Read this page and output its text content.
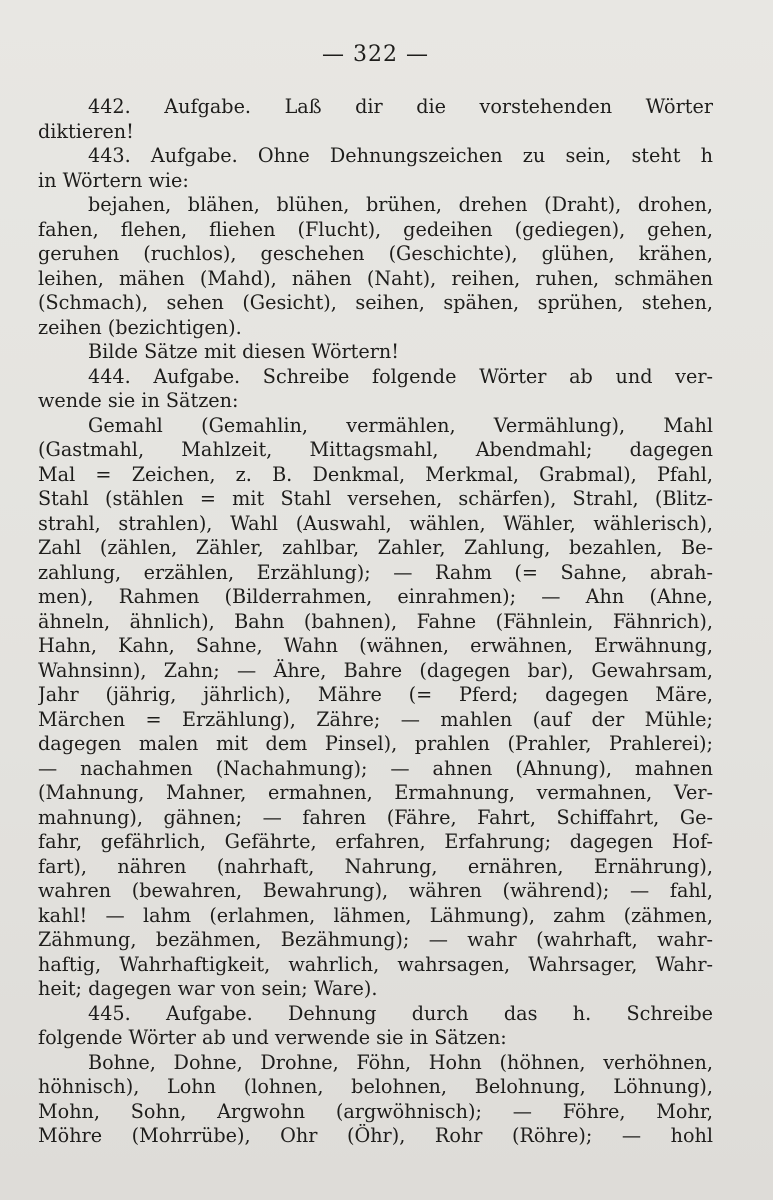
— 322 —
442. Aufgabe. Laß dir die vorstehenden Wörter
diktieren!
443. Aufgabe. Ohne Dehnungszeichen zu sein, steht h
in Wörtern wie:
bejahen, blähen, blühen, brühen, drehen (Draht), drohen,
fahen, flehen, fliehen (Flucht), gedeihen (gediegen), gehen,
geruhen (ruchlos), geschehen (Geschichte), glühen, krähen,
leihen, mähen (Mahd), nähen (Naht), reihen, ruhen, schmähen
(Schmach), sehen (Gesicht), seihen, spähen, sprühen, stehen,
zeihen (bezichtigen).
Bilde Sätze mit diesen Wörtern!
444. Aufgabe. Schreibe folgende Wörter ab und ver-
wende sie in Sätzen:
Gemahl (Gemahlin, vermählen, Vermählung), Mahl
(Gastmahl, Mahlzeit, Mittagsmahl, Abendmahl; dagegen
Mal = Zeichen, z. B. Denkmal, Merkmal, Grabmal), Pfahl,
Stahl (stählen = mit Stahl versehen, schärfen), Strahl, (Blitz-
strahl, strahlen), Wahl (Auswahl, wählen, Wähler, wählerisch),
Zahl (zählen, Zähler, zahlbar, Zahler, Zahlung, bezahlen, Be-
zahlung, erzählen, Erzählung); — Rahm (= Sahne, abrah-
men), Rahmen (Bilderrahmen, einrahmen); — Ahn (Ahne,
ähneln, ähnlich), Bahn (bahnen), Fahne (Fähnlein, Fähnrich),
Hahn, Kahn, Sahne, Wahn (wähnen, erwähnen, Erwähnung,
Wahnsinn), Zahn; — Ähre, Bahre (dagegen bar), Gewahrsam,
Jahr (jährig, jährlich), Mähre (= Pferd; dagegen Märe,
Märchen = Erzählung), Zähre; — mahlen (auf der Mühle;
dagegen malen mit dem Pinsel), prahlen (Prahler, Prahlerei);
— nachahmen (Nachahmung); — ahnen (Ahnung), mahnen
(Mahnung, Mahner, ermahnen, Ermahnung, vermahnen, Ver-
mahnung), gähnen; — fahren (Fähre, Fahrt, Schiffahrt, Ge-
fahr, gefährlich, Gefährte, erfahren, Erfahrung; dagegen Hof-
fart), nähren (nahrhaft, Nahrung, ernähren, Ernährung),
wahren (bewahren, Bewahrung), währen (während); — fahl,
kahl! — lahm (erlahmen, lähmen, Lähmung), zahm (zähmen,
Zähmung, bezähmen, Bezähmung); — wahr (wahrhaft, wahr-
haftig, Wahrhaftigkeit, wahrlich, wahrsagen, Wahrsager, Wahr-
heit; dagegen war von sein; Ware).
445. Aufgabe. Dehnung durch das h. Schreibe
folgende Wörter ab und verwende sie in Sätzen:
Bohne, Dohne, Drohne, Föhn, Hohn (höhnen, verhöhnen,
höhnisch), Lohn (lohnen, belohnen, Belohnung, Löhnung),
Mohn, Sohn, Argwohn (argwöhnisch); — Föhre, Mohr,
Möhre (Mohrrübe), Ohr (Öhr), Rohr (Röhre); — hohl
